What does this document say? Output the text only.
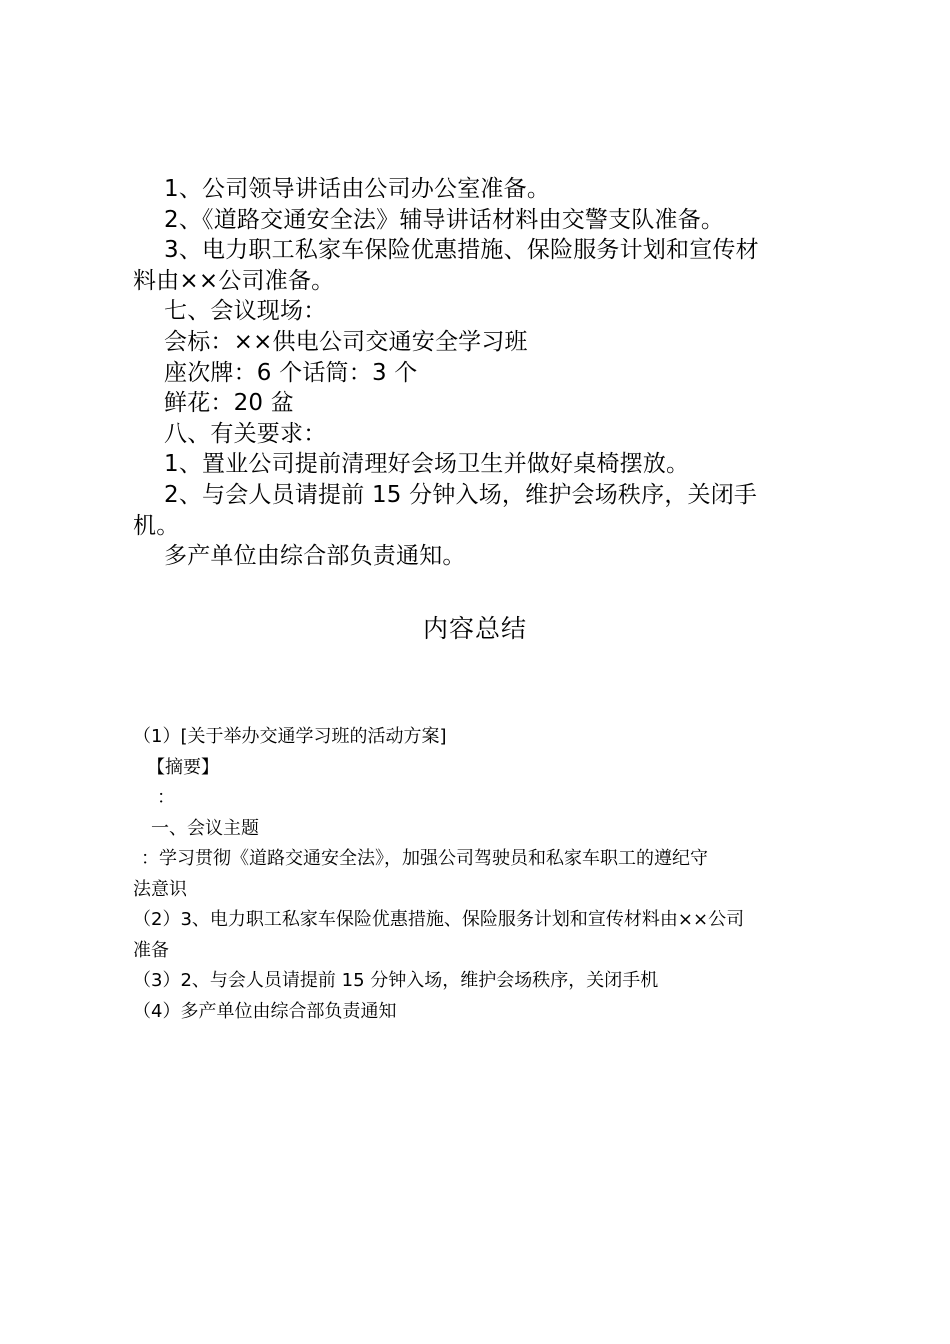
1、公司领导讲话由公司办公室准备。
2、《道路交通安全法》辅导讲话材料由交警支队准备。
3、电力职工私家车保险优惠措施、保险服务计划和宣传材
料由××公司准备。
七、会议现场：
会标：××供电公司交通安全学习班
座次牌：6 个话筒：3 个
鲜花：20 盆
八、有关要求：
1、置业公司提前清理好会场卫生并做好桌椅摆放。
2、与会人员请提前 15 分钟入场，维护会场秩序，关闭手
机。
多产单位由综合部负责通知。
内容总结
（1）[关于举办交通学习班的活动方案]
【摘要】
：
一、会议主题
：学习贯彻《道路交通安全法》，加强公司驾驶员和私家车职工的遵纪守
法意识
（2）3、电力职工私家车保险优惠措施、保险服务计划和宣传材料由××公司
准备
（3）2、与会人员请提前 15 分钟入场，维护会场秩序，关闭手机
（4）多产单位由综合部负责通知
